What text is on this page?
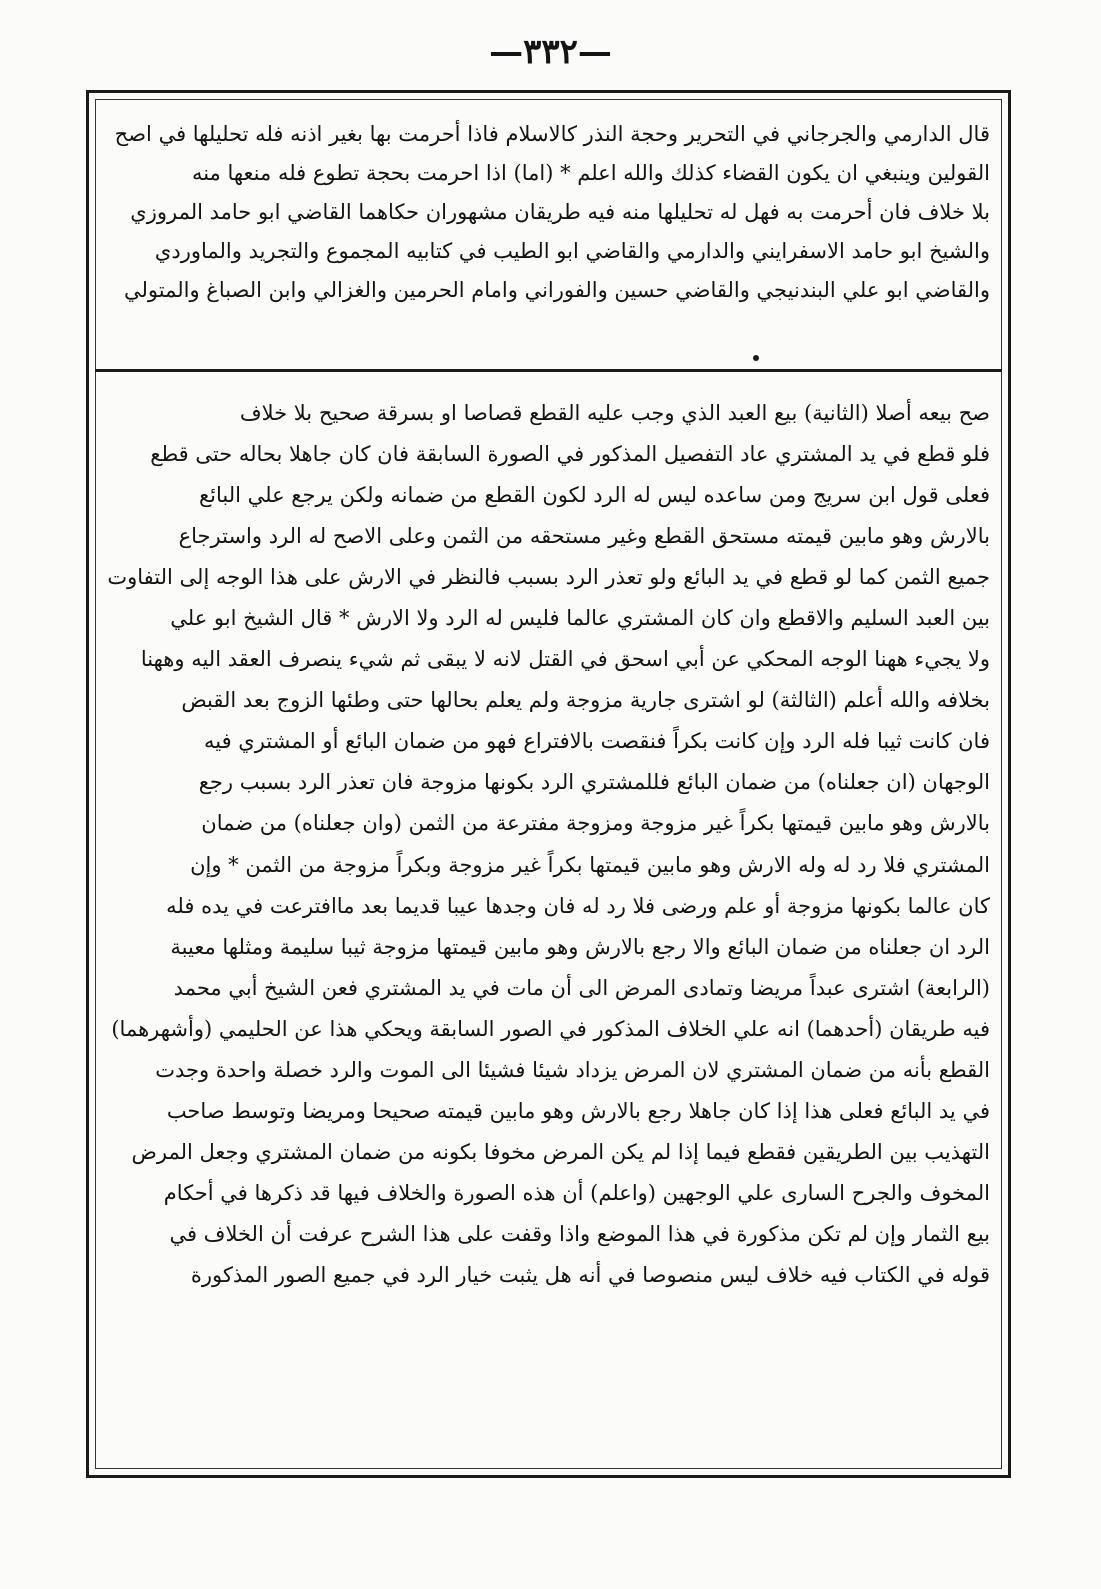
—٣٣٢—
قال الدارمي والجرجاني في التحرير وحجة النذر كالاسلام فاذا أحرمت بها بغير اذنه فله تحليلها في اصح
القولين وينبغي ان يكون القضاء كذلك والله اعلم * (اما) اذا احرمت بحجة تطوع فله منعها منه
بلا خلاف فان أحرمت به فهل له تحليلها منه فيه طريقان مشهوران حكاهما القاضي ابو حامد المروزي
والشيخ ابو حامد الاسفرايني والدارمي والقاضي ابو الطيب في كتابيه المجموع والتجريد والماوردي
والقاضي ابو علي البندنيجي والقاضي حسين والفوراني وامام الحرمين والغزالي وابن الصباغ والمتولي
صح بيعه أصلا (الثانية) بيع العبد الذي وجب عليه القطع قصاصا او بسرقة صحيح بلا خلاف
فلو قطع في يد المشتري عاد التفصيل المذكور في الصورة السابقة فان كان جاهلا بحاله حتى قطع
فعلى قول ابن سريج ومن ساعده ليس له الرد لكون القطع من ضمانه ولكن يرجع علي البائع
بالارش وهو مابين قيمته مستحق القطع وغير مستحقه من الثمن وعلى الاصح له الرد واسترجاع
جميع الثمن كما لو قطع في يد البائع ولو تعذر الرد بسبب فالنظر في الارش على هذا الوجه إلى التفاوت
بين العبد السليم والاقطع وان كان المشتري عالما فليس له الرد ولا الارش * قال الشيخ ابو علي
ولا يجيء ههنا الوجه المحكي عن أبي اسحق في القتل لانه لا يبقى ثم شيء ينصرف العقد اليه وههنا
بخلافه والله أعلم (الثالثة) لو اشترى جارية مزوجة ولم يعلم بحالها حتى وطئها الزوج بعد القبض
فان كانت ثيبا فله الرد وإن كانت بكراً فنقصت بالافتراع فهو من ضمان البائع أو المشتري فيه
الوجهان (ان جعلناه) من ضمان البائع فللمشتري الرد بكونها مزوجة فان تعذر الرد بسبب رجع
بالارش وهو مابين قيمتها بكراً غير مزوجة ومزوجة مفترعة من الثمن (وان جعلناه) من ضمان
المشتري فلا رد له وله الارش وهو مابين قيمتها بكراً غير مزوجة وبكراً مزوجة من الثمن * وإن
كان عالما بكونها مزوجة أو علم ورضى فلا رد له فان وجدها عيبا قديما بعد ماافترعت في يده فله
الرد ان جعلناه من ضمان البائع والا رجع بالارش وهو مابين قيمتها مزوجة ثيبا سليمة ومثلها معيبة
(الرابعة) اشترى عبداً مريضا وتمادى المرض الى أن مات في يد المشتري فعن الشيخ أبي محمد
فيه طريقان (أحدهما) انه علي الخلاف المذكور في الصور السابقة ويحكي هذا عن الحليمي (وأشهرهما)
القطع بأنه من ضمان المشتري لان المرض يزداد شيئا فشيئا الى الموت والرد خصلة واحدة وجدت
في يد البائع فعلى هذا إذا كان جاهلا رجع بالارش وهو مابين قيمته صحيحا ومريضا وتوسط صاحب
التهذيب بين الطريقين فقطع فيما إذا لم يكن المرض مخوفا بكونه من ضمان المشتري وجعل المرض
المخوف والجرح السارى علي الوجهين (واعلم) أن هذه الصورة والخلاف فيها قد ذكرها في أحكام
بيع الثمار وإن لم تكن مذكورة في هذا الموضع واذا وقفت على هذا الشرح عرفت أن الخلاف في
قوله في الكتاب فيه خلاف ليس منصوصا في أنه هل يثبت خيار الرد في جميع الصور المذكورة
